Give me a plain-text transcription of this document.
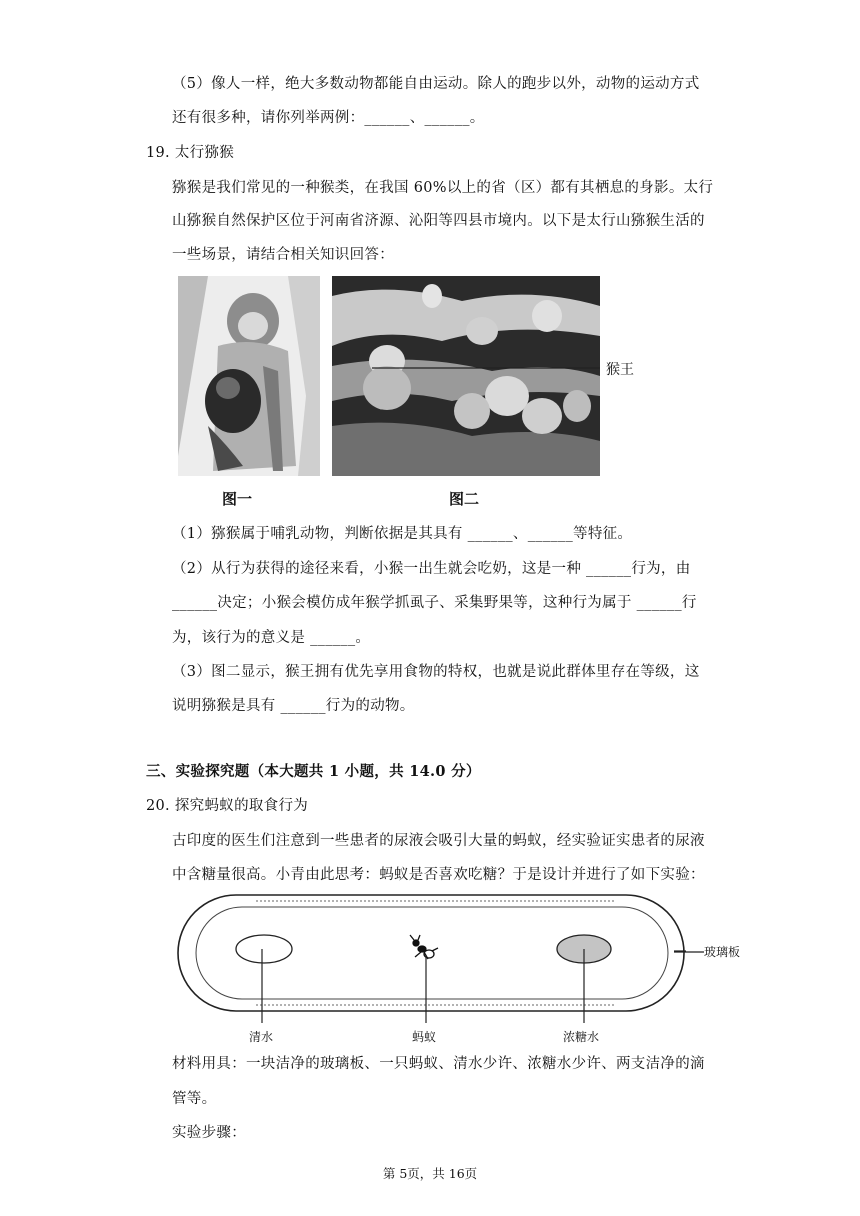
（5）像人一样，绝大多数动物都能自由运动。除人的跑步以外，动物的运动方式
还有很多种，请你列举两例：______、______。
19. 太行猕猴
猕猴是我们常见的一种猴类，在我国 60%以上的省（区）都有其栖息的身影。太行
山猕猴自然保护区位于河南省济源、沁阳等四县市境内。以下是太行山猕猴生活的
一些场景，请结合相关知识回答：
猴王
图一	图二
（1）猕猴属于哺乳动物，判断依据是其具有 ______、______等特征。
（2）从行为获得的途径来看，小猴一出生就会吃奶，这是一种 ______行为，由
______决定；小猴会模仿成年猴学抓虱子、采集野果等，这种行为属于 ______行
为，该行为的意义是 ______。
（3）图二显示，猴王拥有优先享用食物的特权，也就是说此群体里存在等级，这
说明猕猴是具有 ______行为的动物。
三、实验探究题（本大题共 1 小题，共 14.0 分）
20. 探究蚂蚁的取食行为
古印度的医生们注意到一些患者的尿液会吸引大量的蚂蚁，经实验证实患者的尿液
中含糖量很高。小青由此思考：蚂蚁是否喜欢吃糖？于是设计并进行了如下实验：
玻璃板
清水	蚂蚁	浓糖水
材料用具：一块洁净的玻璃板、一只蚂蚁、清水少许、浓糖水少许、两支洁净的滴
管等。
实验步骤：
第 5页，共 16页
